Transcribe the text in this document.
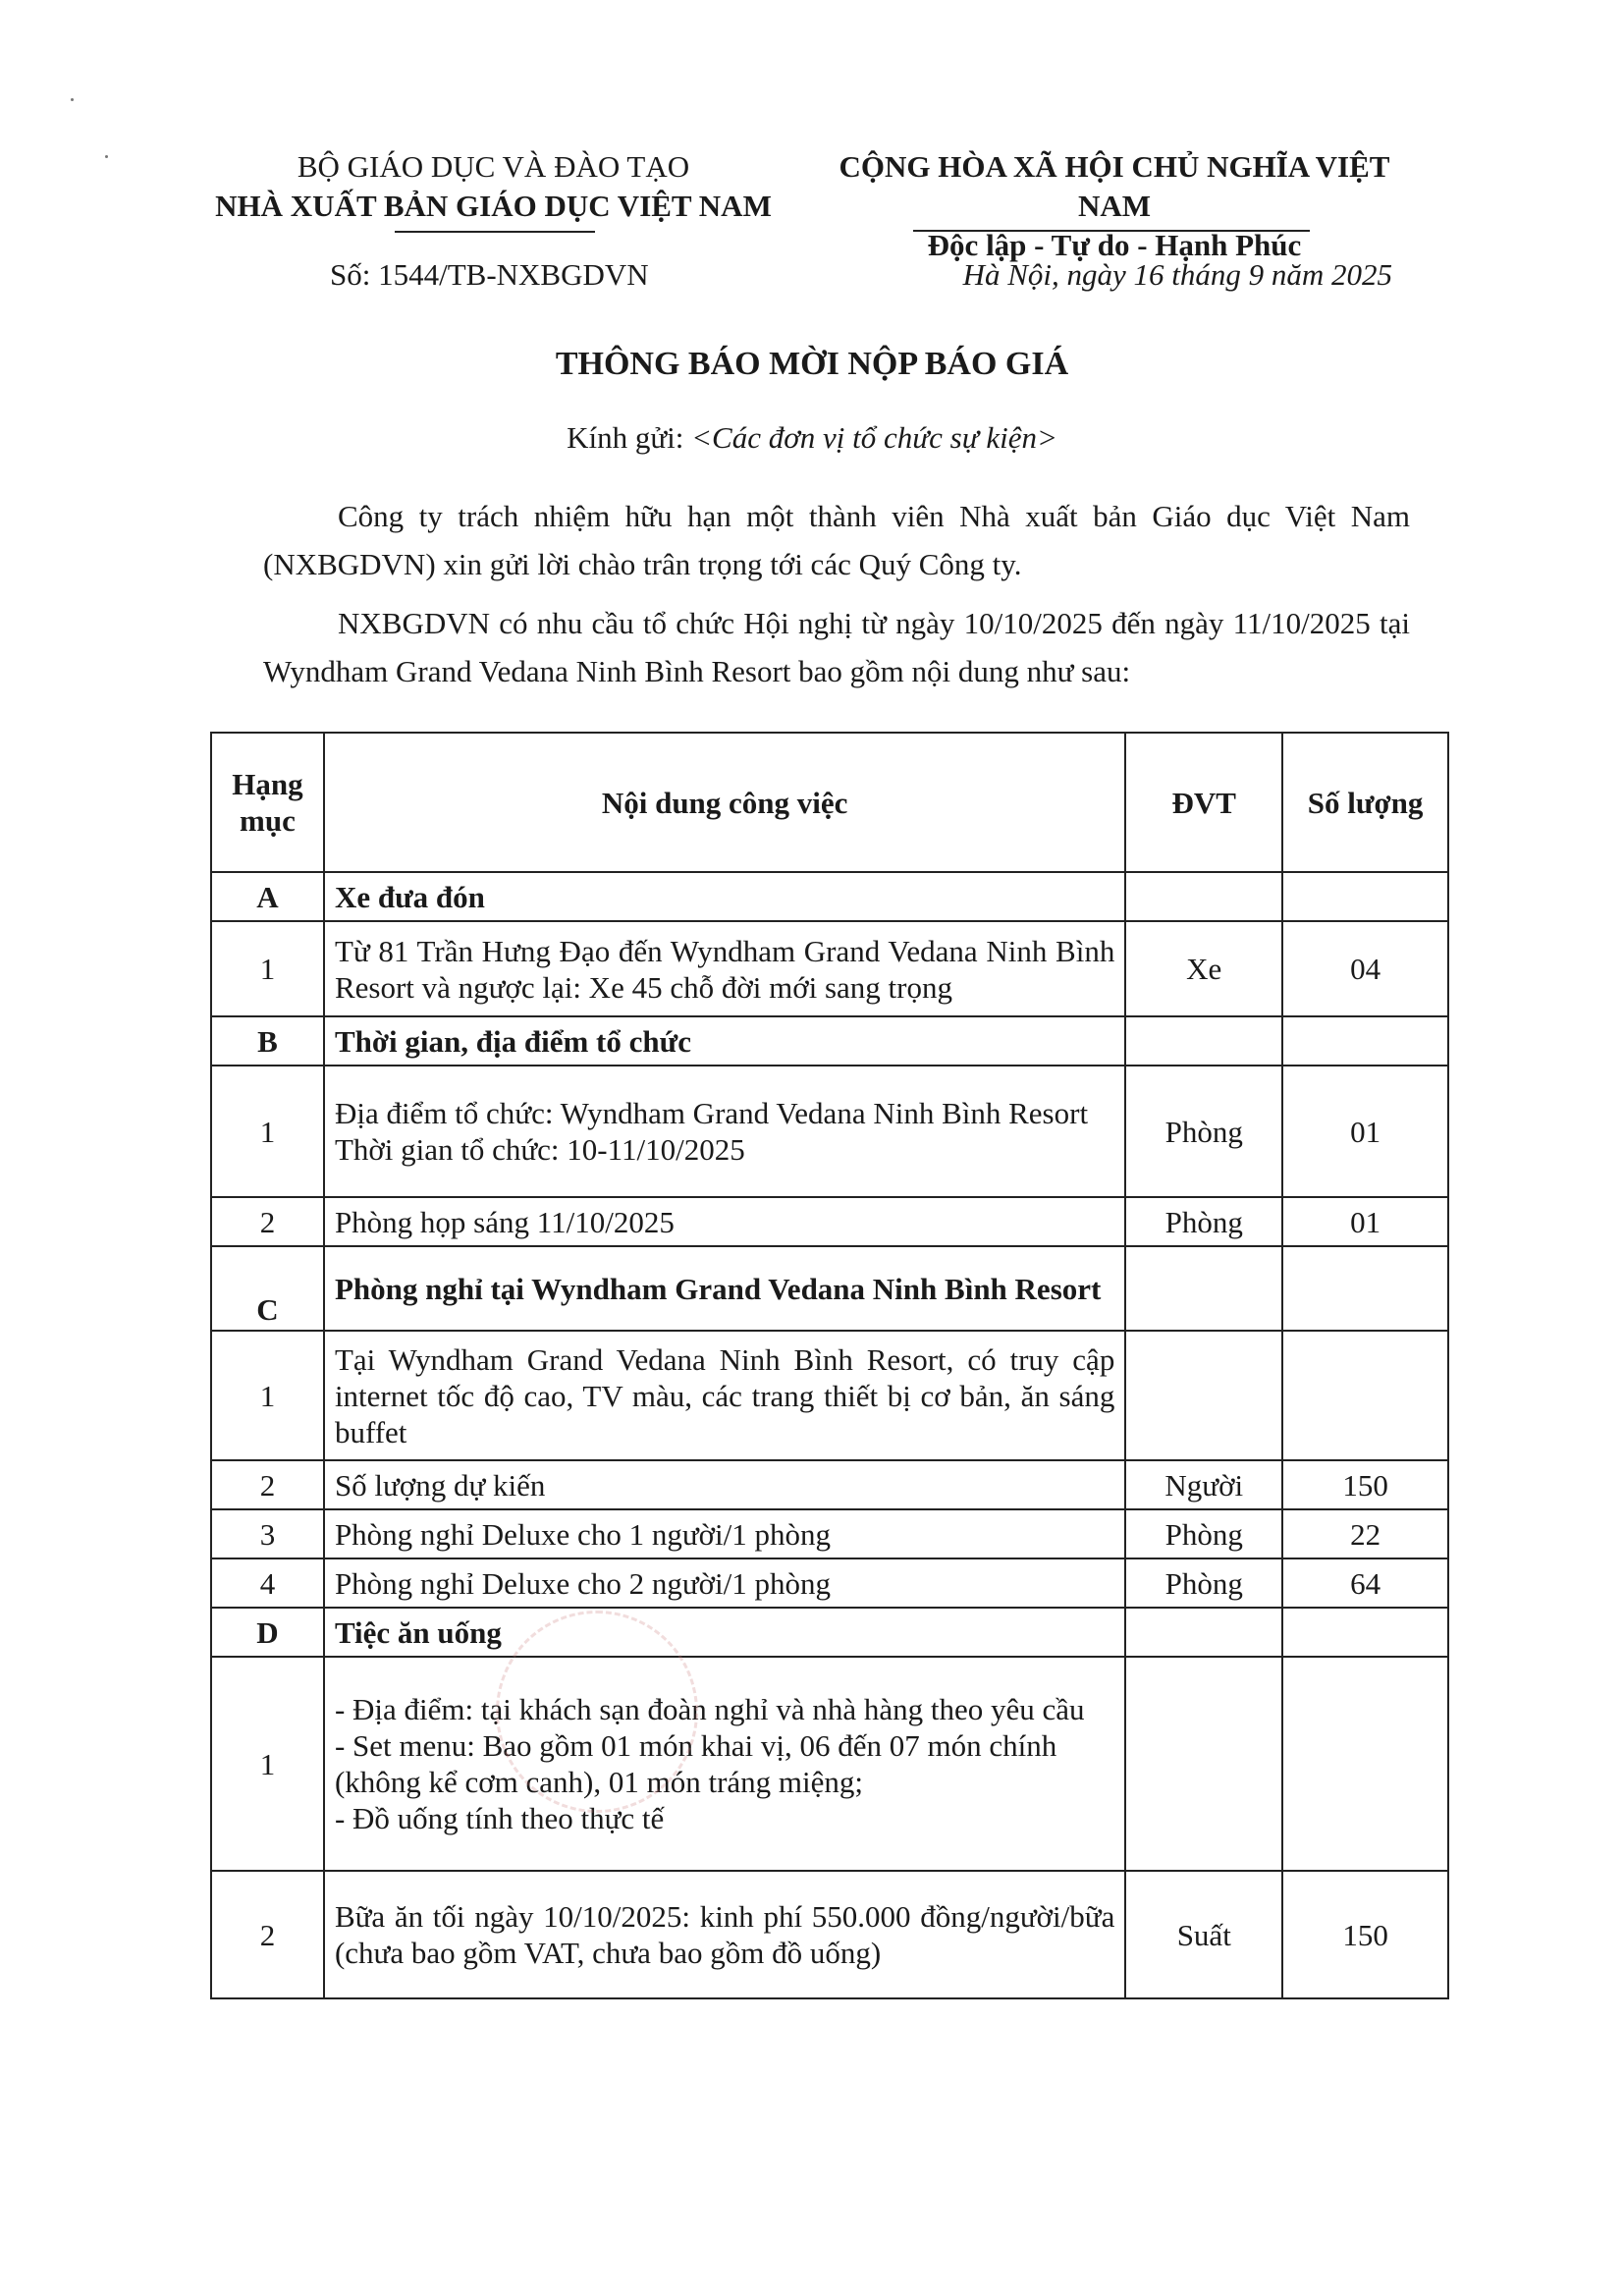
BỘ GIÁO DỤC VÀ ĐÀO TẠO
NHÀ XUẤT BẢN GIÁO DỤC VIỆT NAM
CỘNG HÒA XÃ HỘI CHỦ NGHĨA VIỆT NAM
Độc lập - Tự do - Hạnh Phúc
Số: 1544/TB-NXBGDVN	Hà Nội, ngày 16 tháng 9 năm 2025
THÔNG BÁO MỜI NỘP BÁO GIÁ
Kính gửi: <Các đơn vị tổ chức sự kiện>
Công ty trách nhiệm hữu hạn một thành viên Nhà xuất bản Giáo dục Việt Nam (NXBGDVN) xin gửi lời chào trân trọng tới các Quý Công ty.
NXBGDVN có nhu cầu tổ chức Hội nghị từ ngày 10/10/2025 đến ngày 11/10/2025 tại Wyndham Grand Vedana Ninh Bình Resort bao gồm nội dung như sau:
Hạng mục	Nội dung công việc	ĐVT	Số lượng
A	Xe đưa đón		
1	Từ 81 Trần Hưng Đạo đến Wyndham Grand Vedana Ninh Bình Resort và ngược lại: Xe 45 chỗ đời mới sang trọng	Xe	04
B	Thời gian, địa điểm tổ chức		
1	Địa điểm tổ chức: Wyndham Grand Vedana Ninh Bình Resort
Thời gian tổ chức: 10-11/10/2025	Phòng	01
2	Phòng họp sáng 11/10/2025	Phòng	01
C	Phòng nghỉ tại Wyndham Grand Vedana Ninh Bình Resort		
1	Tại Wyndham Grand Vedana Ninh Bình Resort, có truy cập internet tốc độ cao, TV màu, các trang thiết bị cơ bản, ăn sáng buffet		
2	Số lượng dự kiến	Người	150
3	Phòng nghỉ Deluxe cho 1 người/1 phòng	Phòng	22
4	Phòng nghỉ Deluxe cho 2 người/1 phòng	Phòng	64
D	Tiệc ăn uống		
1	- Địa điểm: tại khách sạn đoàn nghỉ và nhà hàng theo yêu cầu
- Set menu: Bao gồm 01 món khai vị, 06 đến 07 món chính (không kể cơm canh), 01 món tráng miệng;
- Đồ uống tính theo thực tế		

2	Bữa ăn tối ngày 10/10/2025: kinh phí 550.000 đồng/người/bữa (chưa bao gồm VAT, chưa bao gồm đồ uống)	Suất	150
